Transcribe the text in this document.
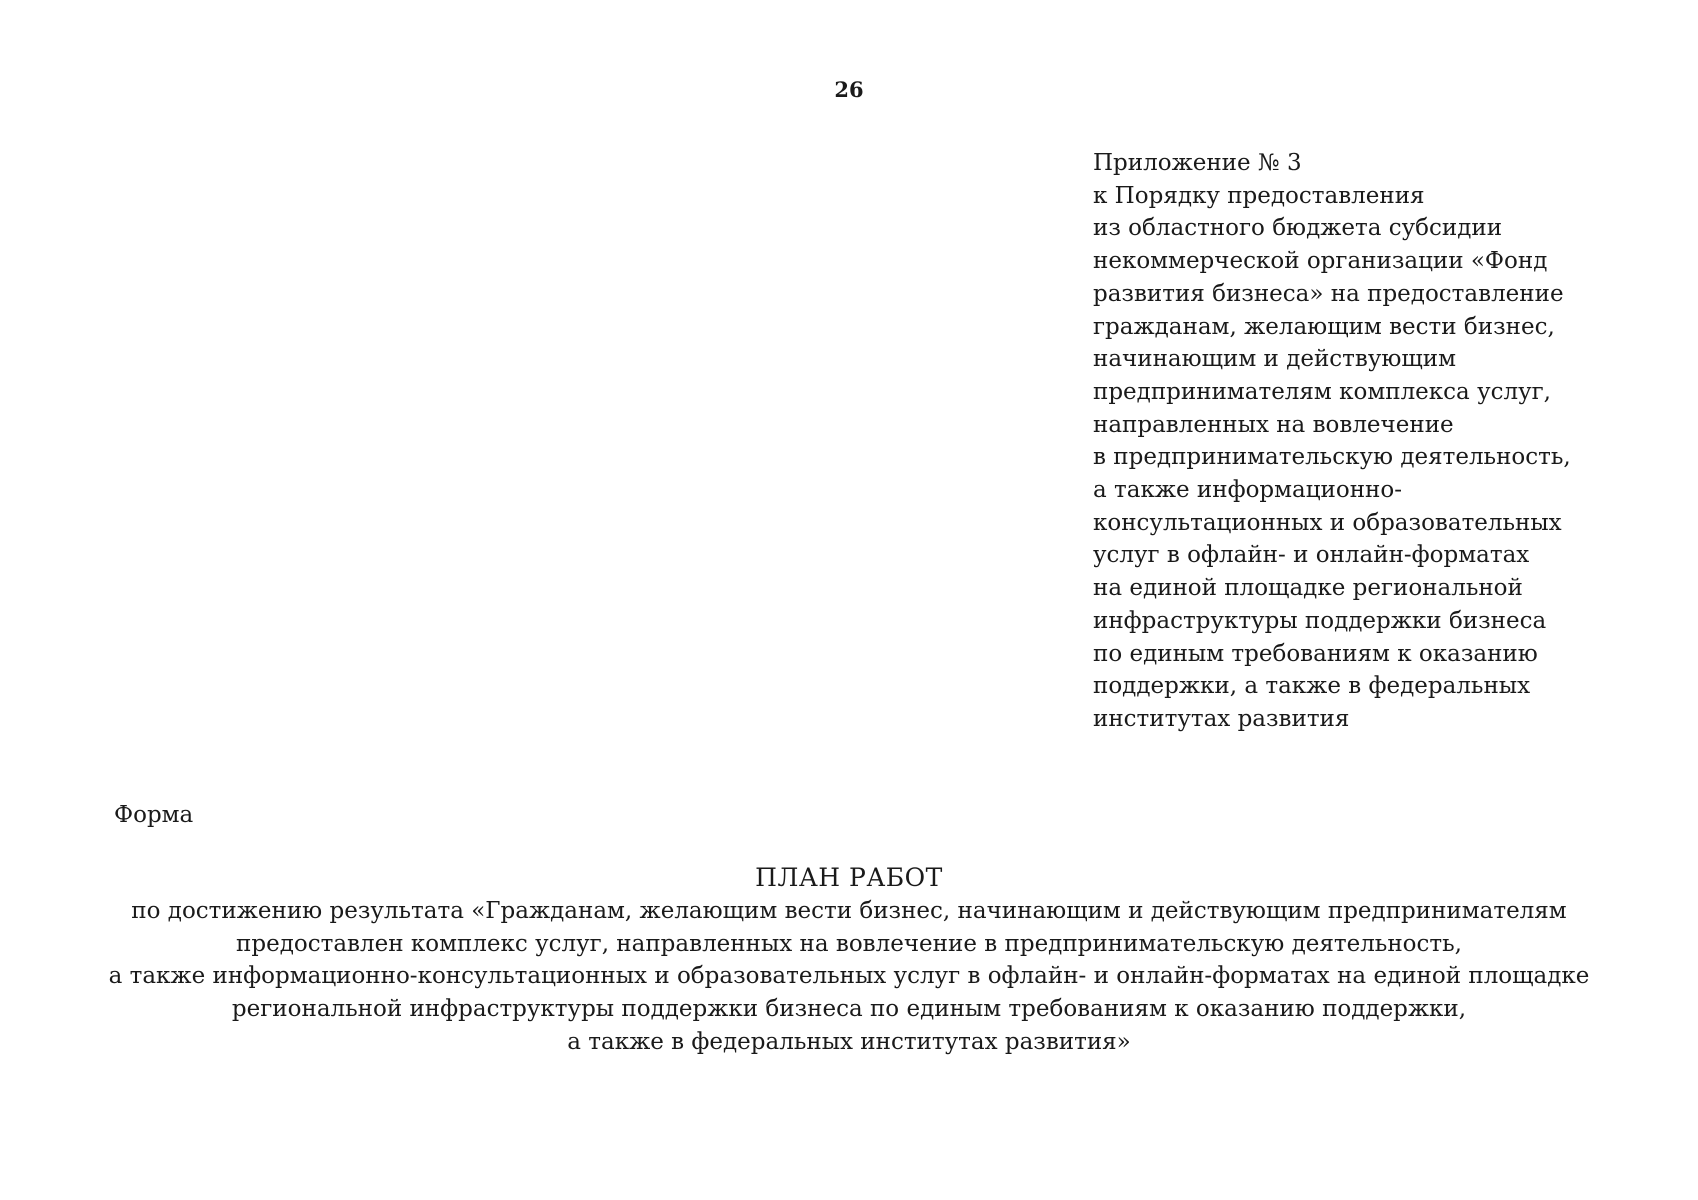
26
Приложение № 3
к Порядку предоставления
из областного бюджета субсидии
некоммерческой организации «Фонд
развития бизнеса» на предоставление
гражданам, желающим вести бизнес,
начинающим и действующим
предпринимателям комплекса услуг,
направленных на вовлечение
в предпринимательскую деятельность,
а также информационно-
консультационных и образовательных
услуг в офлайн- и онлайн-форматах
на единой площадке региональной
инфраструктуры поддержки бизнеса
по единым требованиям к оказанию
поддержки, а также в федеральных
институтах развития
Форма
ПЛАН РАБОТ
по достижению результата «Гражданам, желающим вести бизнес, начинающим и действующим предпринимателям
предоставлен комплекс услуг, направленных на вовлечение в предпринимательскую деятельность,
а также информационно-консультационных и образовательных услуг в офлайн- и онлайн-форматах на единой площадке
региональной инфраструктуры поддержки бизнеса по единым требованиям к оказанию поддержки,
а также в федеральных институтах развития»
